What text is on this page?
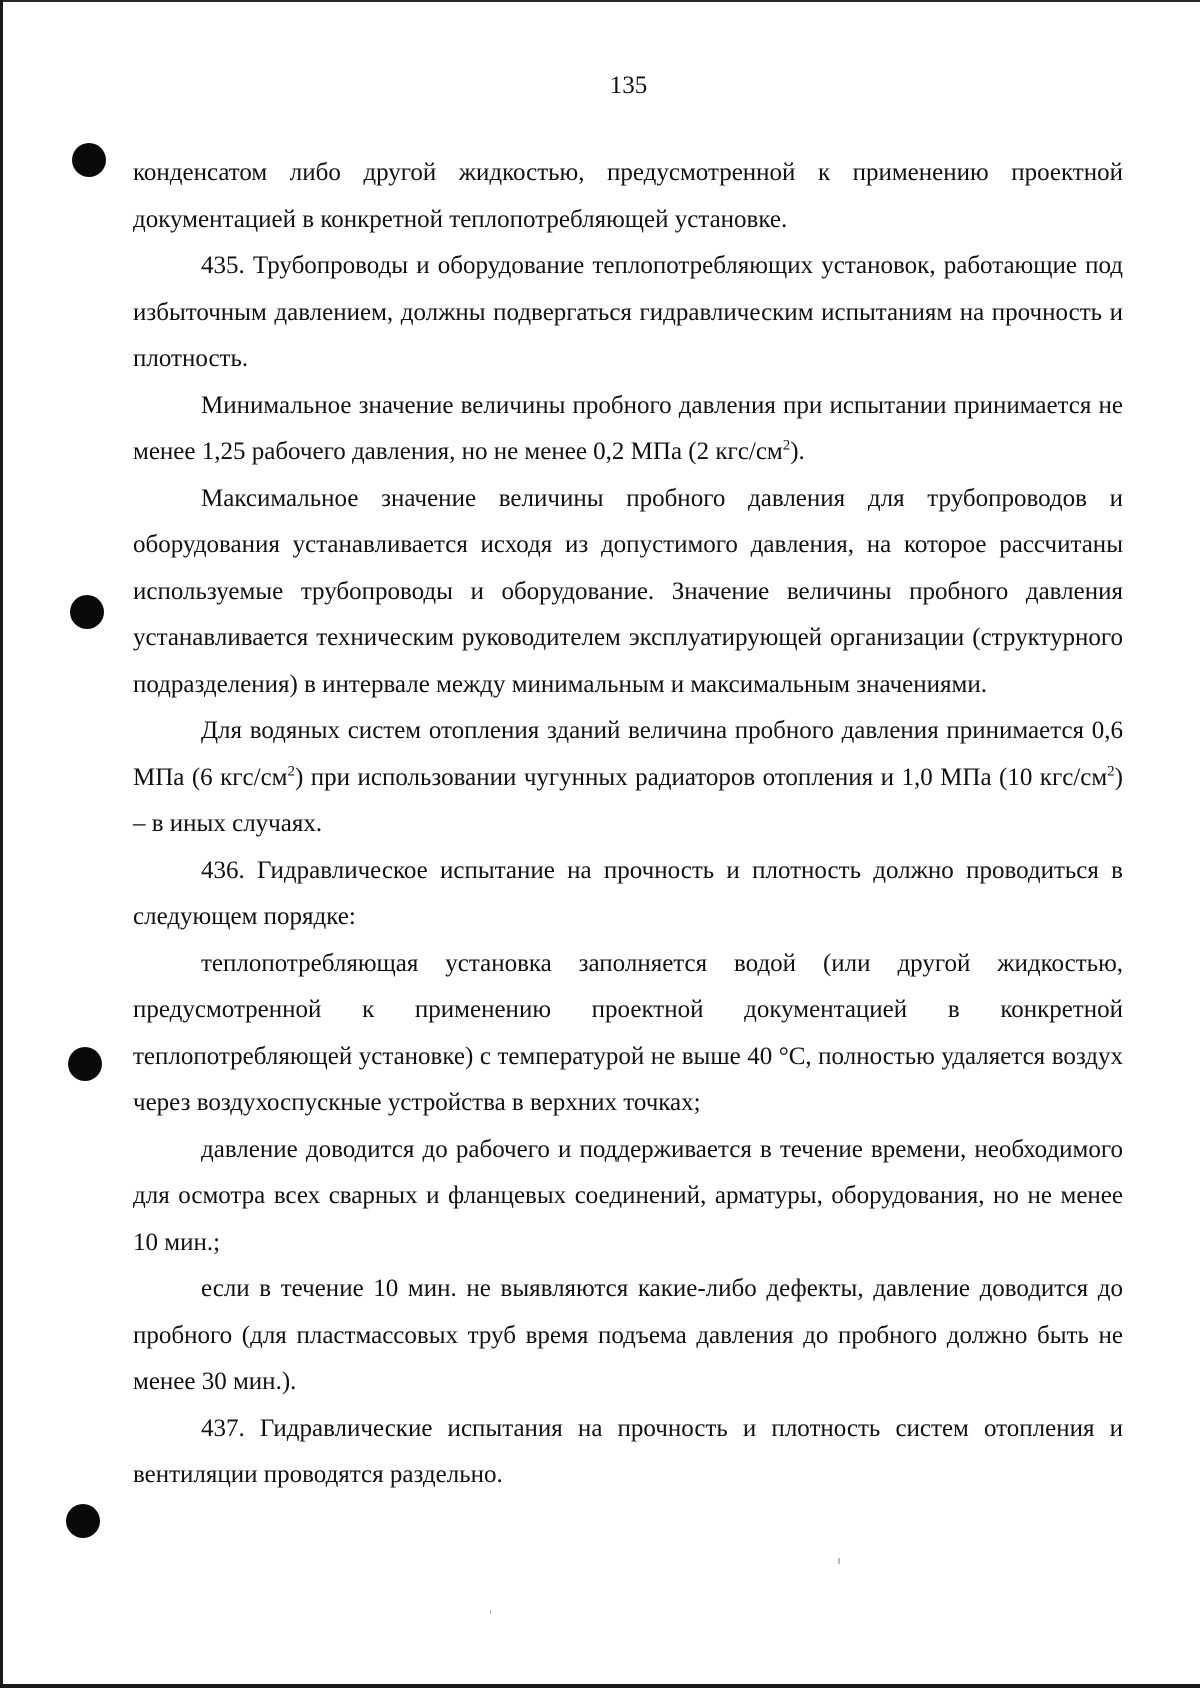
135

конденсатом либо другой жидкостью, предусмотренной к применению проектной документацией в конкретной теплопотребляющей установке.

435. Трубопроводы и оборудование теплопотребляющих установок, работающие под избыточным давлением, должны подвергаться гидравлическим испытаниям на прочность и плотность.

Минимальное значение величины пробного давления при испытании принимается не менее 1,25 рабочего давления, но не менее 0,2 МПа (2 кгс/$см^2$).

Максимальное значение величины пробного давления для трубопроводов и оборудования устанавливается исходя из допустимого давления, на которое рассчитаны используемые трубопроводы и оборудование. Значение величины пробного давления устанавливается техническим руководителем эксплуатирующей организации (структурного подразделения) в интервале между минимальным и максимальным значениями.

Для водяных систем отопления зданий величина пробного давления принимается 0,6 МПа (6 кгс/$см^2$) при использовании чугунных радиаторов отопления и 1,0 МПа (10 кгс/$см^2$) – в иных случаях.

436. Гидравлическое испытание на прочность и плотность должно проводиться в следующем порядке:

теплопотребляющая установка заполняется водой (или другой жидкостью, предусмотренной к применению проектной документацией в конкретной теплопотребляющей установке) с температурой не выше 40 °С, полностью удаляется воздух через воздухоспускные устройства в верхних точках;

давление доводится до рабочего и поддерживается в течение времени, необходимого для осмотра всех сварных и фланцевых соединений, арматуры, оборудования, но не менее 10 мин.;

если в течение 10 мин. не выявляются какие-либо дефекты, давление доводится до пробного (для пластмассовых труб время подъема давления до пробного должно быть не менее 30 мин.).

437. Гидравлические испытания на прочность и плотность систем отопления и вентиляции проводятся раздельно.
